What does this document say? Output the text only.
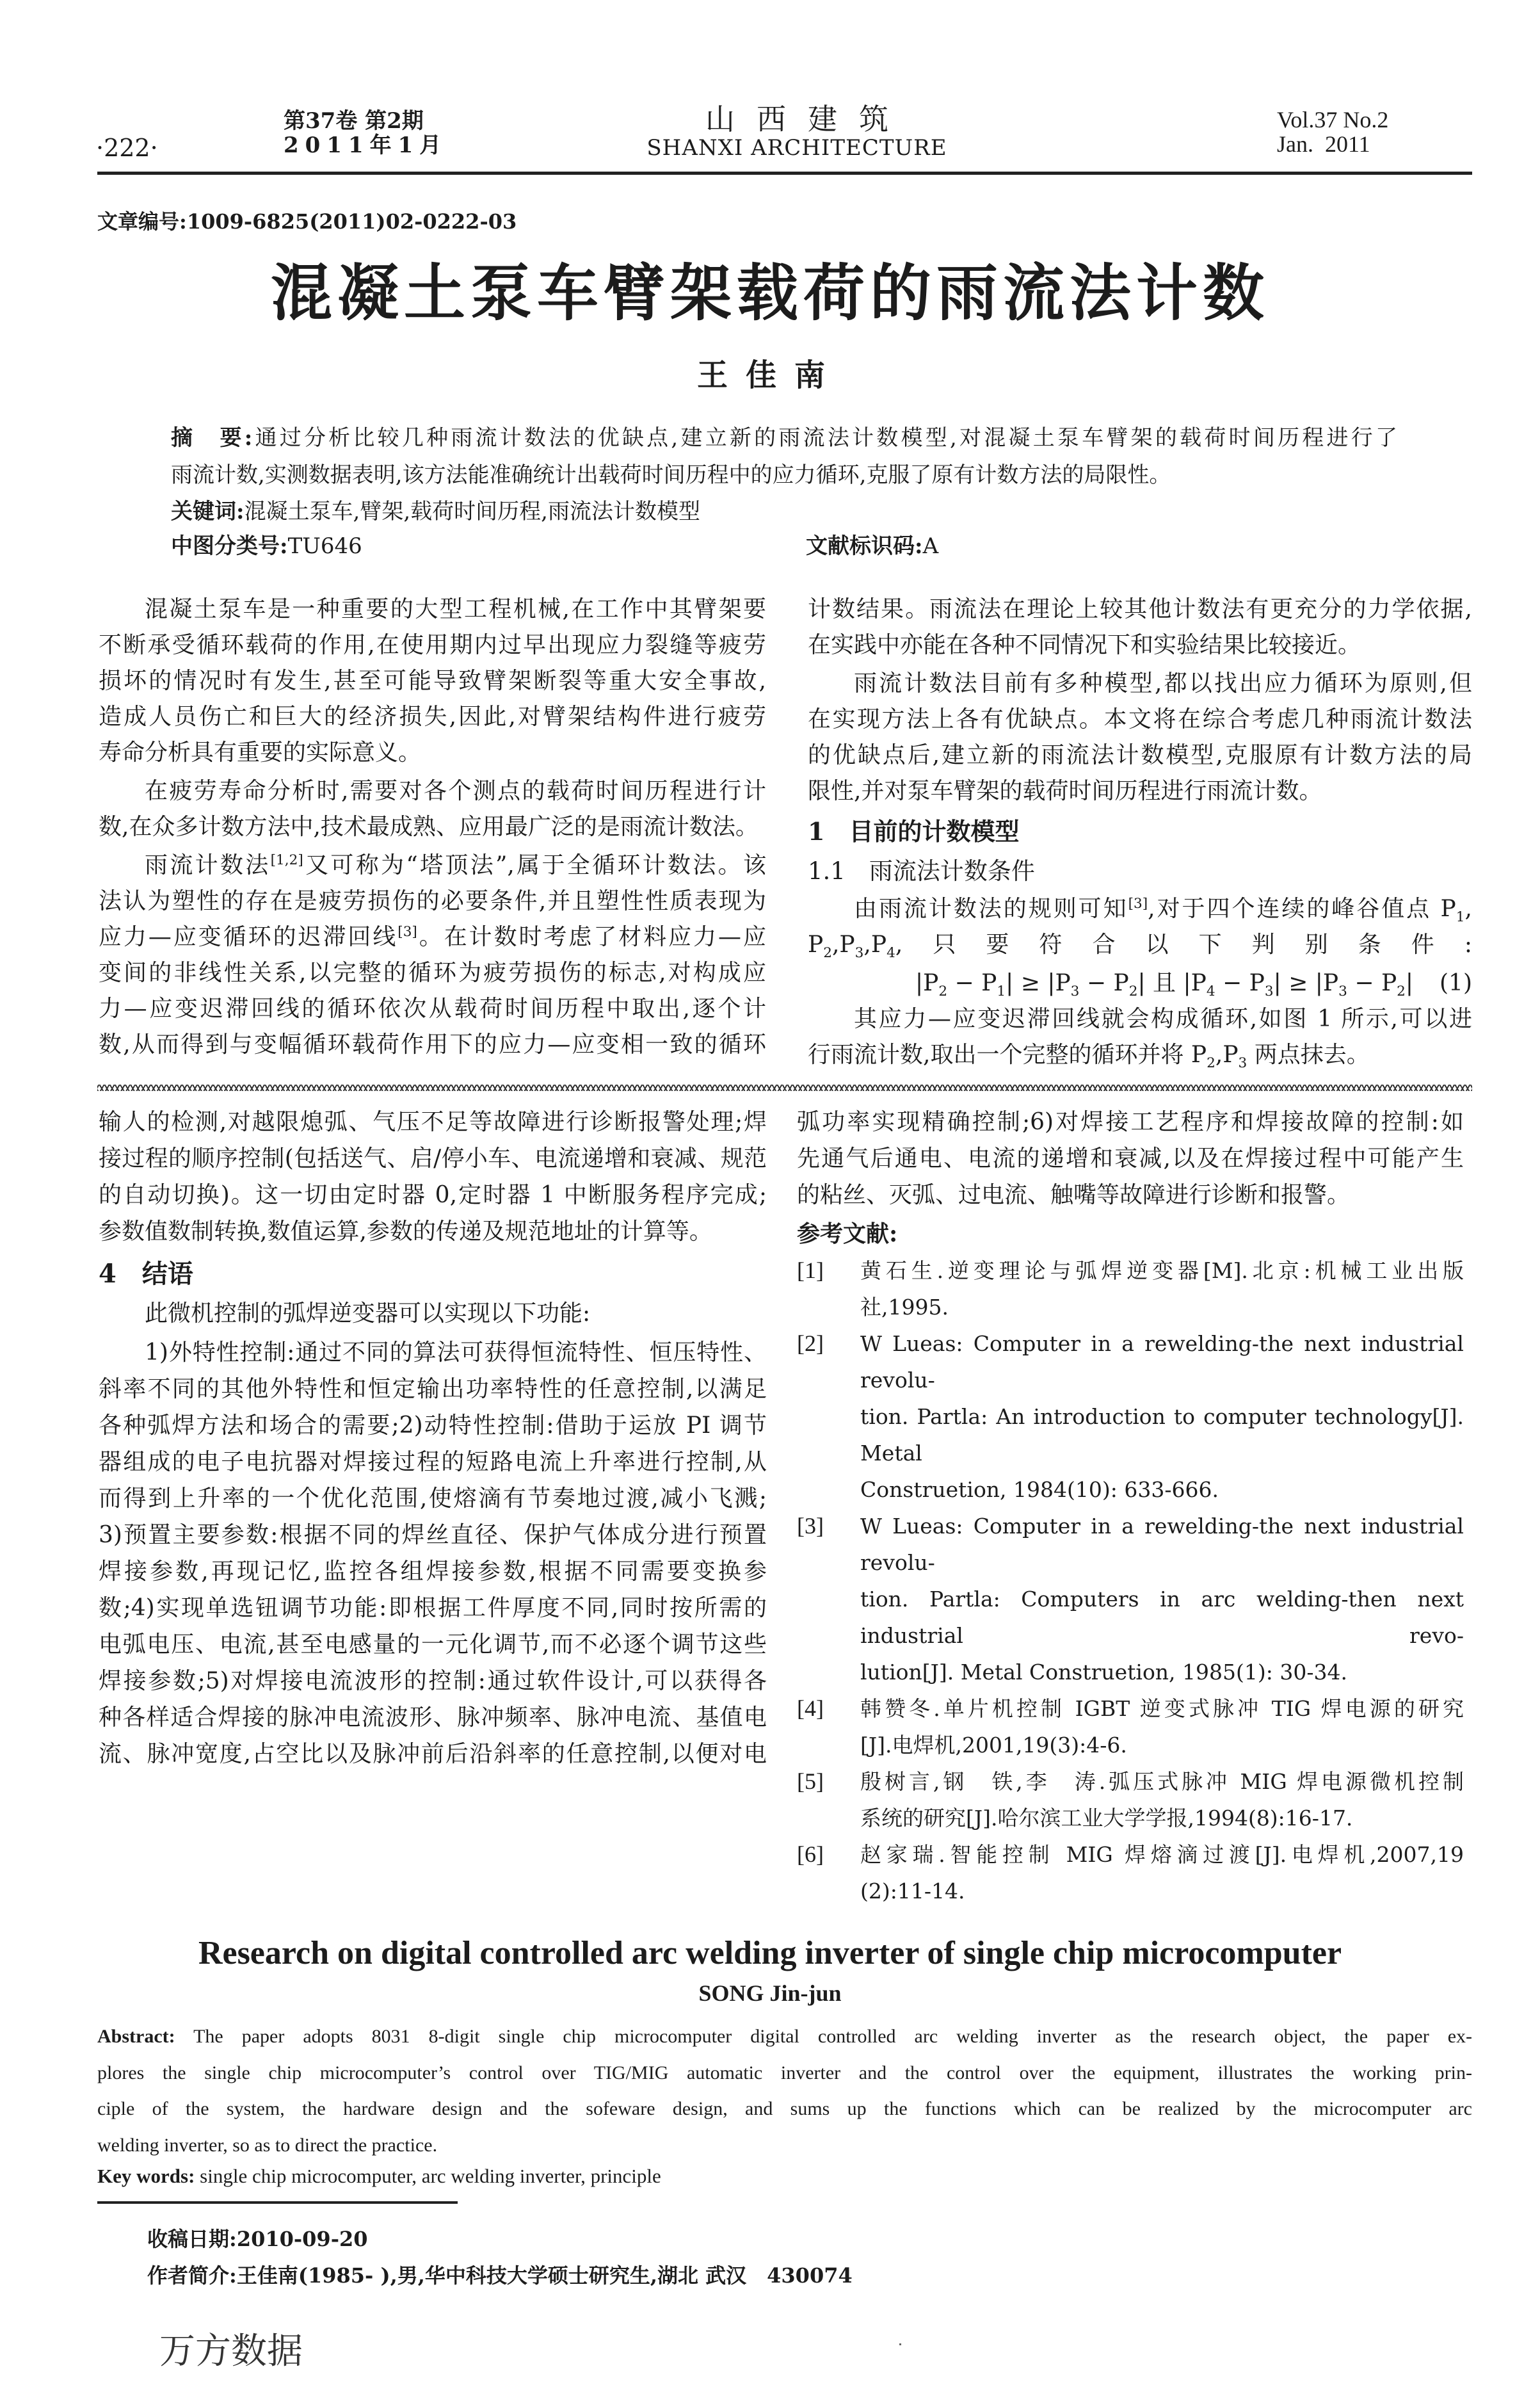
·222·
第37卷 第2期
2011年1月
山西建筑
SHANXI ARCHITECTURE
Vol.37 No.2
Jan.  2011
文章编号:1009-6825(2011)02-0222-03
混凝土泵车臂架载荷的雨流法计数
王佳南
摘　要:通过分析比较几种雨流计数法的优缺点,建立新的雨流法计数模型,对混凝土泵车臂架的载荷时间历程进行了
雨流计数,实测数据表明,该方法能准确统计出载荷时间历程中的应力循环,克服了原有计数方法的局限性。
关键词:混凝土泵车,臂架,载荷时间历程,雨流法计数模型
中图分类号:TU646	文献标识码:A
混凝土泵车是一种重要的大型工程机械,在工作中其臂架要
不断承受循环载荷的作用,在使用期内过早出现应力裂缝等疲劳
损坏的情况时有发生,甚至可能导致臂架断裂等重大安全事故,
造成人员伤亡和巨大的经济损失,因此,对臂架结构件进行疲劳
寿命分析具有重要的实际意义。
在疲劳寿命分析时,需要对各个测点的载荷时间历程进行计
数,在众多计数方法中,技术最成熟、应用最广泛的是雨流计数法。
雨流计数法[1,2]又可称为“塔顶法”,属于全循环计数法。该
法认为塑性的存在是疲劳损伤的必要条件,并且塑性性质表现为
应力—应变循环的迟滞回线[3]。在计数时考虑了材料应力—应
变间的非线性关系,以完整的循环为疲劳损伤的标志,对构成应
力—应变迟滞回线的循环依次从载荷时间历程中取出,逐个计
数,从而得到与变幅循环载荷作用下的应力—应变相一致的循环
计数结果。雨流法在理论上较其他计数法有更充分的力学依据,
在实践中亦能在各种不同情况下和实验结果比较接近。
雨流计数法目前有多种模型,都以找出应力循环为原则,但
在实现方法上各有优缺点。本文将在综合考虑几种雨流计数法
的优缺点后,建立新的雨流法计数模型,克服原有计数方法的局
限性,并对泵车臂架的载荷时间历程进行雨流计数。
1　目前的计数模型
1.1　雨流法计数条件
由雨流计数法的规则可知[3],对于四个连续的峰谷值点 $P_1$,
$P_2,P_3,P_4$,只要符合以下判别条件:
$|P_2 - P_1| \ge |P_3 - P_2|$ 且 $|P_4 - P_3| \ge |P_3 - P_2|$ (1)
其应力—应变迟滞回线就会构成循环,如图 1 所示,可以进
行雨流计数,取出一个完整的循环并将 $P_2,P_3$ 两点抹去。
输人的检测,对越限熄弧、气压不足等故障进行诊断报警处理;焊
接过程的顺序控制(包括送气、启/停小车、电流递增和衰减、规范
的自动切换)。这一切由定时器 0,定时器 1 中断服务程序完成;
参数值数制转换,数值运算,参数的传递及规范地址的计算等。
4　结语
此微机控制的弧焊逆变器可以实现以下功能:
1)外特性控制:通过不同的算法可获得恒流特性、恒压特性、
斜率不同的其他外特性和恒定输出功率特性的任意控制,以满足
各种弧焊方法和场合的需要;2)动特性控制:借助于运放 PI 调节
器组成的电子电抗器对焊接过程的短路电流上升率进行控制,从
而得到上升率的一个优化范围,使熔滴有节奏地过渡,减小飞溅;
3)预置主要参数:根据不同的焊丝直径、保护气体成分进行预置
焊接参数,再现记忆,监控各组焊接参数,根据不同需要变换参
数;4)实现单选钮调节功能:即根据工件厚度不同,同时按所需的
电弧电压、电流,甚至电感量的一元化调节,而不必逐个调节这些
焊接参数;5)对焊接电流波形的控制:通过软件设计,可以获得各
种各样适合焊接的脉冲电流波形、脉冲频率、脉冲电流、基值电
流、脉冲宽度,占空比以及脉冲前后沿斜率的任意控制,以便对电
弧功率实现精确控制;6)对焊接工艺程序和焊接故障的控制:如
先通气后通电、电流的递增和衰减,以及在焊接过程中可能产生
的粘丝、灭弧、过电流、触嘴等故障进行诊断和报警。
参考文献:
[1]	黄石生.逆变理论与弧焊逆变器[M].北京:机械工业出版
社,1995.
[2]	W Lueas: Computer in a rewelding-the next industrial revolu-
tion. Partla: An introduction to computer technology[J]. Metal
Construetion, 1984(10): 633-666.
[3]	W Lueas: Computer in a rewelding-the next industrial revolu-
tion. Partla: Computers in arc welding-then next industrial revo-
lution[J]. Metal Construetion, 1985(1): 30-34.
[4]	韩赞冬.单片机控制 IGBT 逆变式脉冲 TIG 焊电源的研究
[J].电焊机,2001,19(3):4-6.
[5]	殷树言,钢　铁,李　涛.弧压式脉冲 MIG 焊电源微机控制
系统的研究[J].哈尔滨工业大学学报,1994(8):16-17.
[6]	赵家瑞.智能控制 MIG 焊熔滴过渡[J].电焊机,2007,19
(2):11-14.
Research on digital controlled arc welding inverter of single chip microcomputer
SONG Jin-jun
Abstract: The paper adopts 8031 8-digit single chip microcomputer digital controlled arc welding inverter as the research object, the paper ex-
plores the single chip microcomputer’s control over TIG/MIG automatic inverter and the control over the equipment, illustrates the working prin-
ciple of the system, the hardware design and the sofeware design, and sums up the functions which can be realized by the microcomputer arc
welding inverter, so as to direct the practice.
Key words: single chip microcomputer, arc welding inverter, principle
收稿日期:2010-09-20
作者简介:王佳南(1985- ),男,华中科技大学硕士研究生,湖北 武汉　430074
万方数据
